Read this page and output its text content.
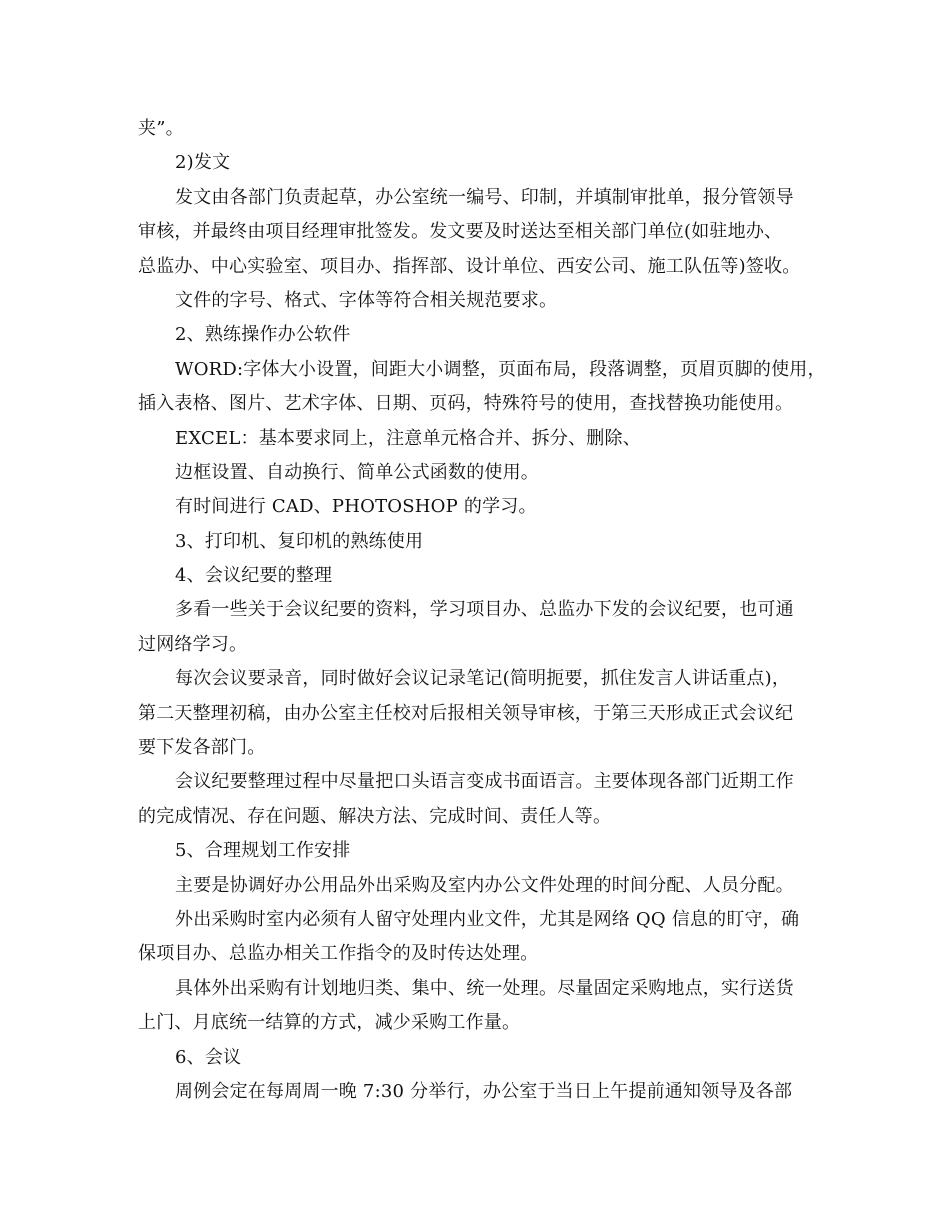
夹”。
2)发文
发文由各部门负责起草，办公室统一编号、印制，并填制审批单，报分管领导
审核，并最终由项目经理审批签发。发文要及时送达至相关部门单位(如驻地办、
总监办、中心实验室、项目办、指挥部、设计单位、西安公司、施工队伍等)签收。
文件的字号、格式、字体等符合相关规范要求。
2、熟练操作办公软件
WORD:字体大小设置，间距大小调整，页面布局，段落调整，页眉页脚的使用，
插入表格、图片、艺术字体、日期、页码，特殊符号的使用，查找替换功能使用。
EXCEL：基本要求同上，注意单元格合并、拆分、删除、
边框设置、自动换行、简单公式函数的使用。
有时间进行 CAD、PHOTOSHOP 的学习。
3、打印机、复印机的熟练使用
4、会议纪要的整理
多看一些关于会议纪要的资料，学习项目办、总监办下发的会议纪要，也可通
过网络学习。
每次会议要录音，同时做好会议记录笔记(简明扼要，抓住发言人讲话重点)，
第二天整理初稿，由办公室主任校对后报相关领导审核，于第三天形成正式会议纪
要下发各部门。
会议纪要整理过程中尽量把口头语言变成书面语言。主要体现各部门近期工作
的完成情况、存在问题、解决方法、完成时间、责任人等。
5、合理规划工作安排
主要是协调好办公用品外出采购及室内办公文件处理的时间分配、人员分配。
外出采购时室内必须有人留守处理内业文件，尤其是网络 QQ 信息的盯守，确
保项目办、总监办相关工作指令的及时传达处理。
具体外出采购有计划地归类、集中、统一处理。尽量固定采购地点，实行送货
上门、月底统一结算的方式，减少采购工作量。
6、会议
周例会定在每周周一晚 7:30 分举行，办公室于当日上午提前通知领导及各部
